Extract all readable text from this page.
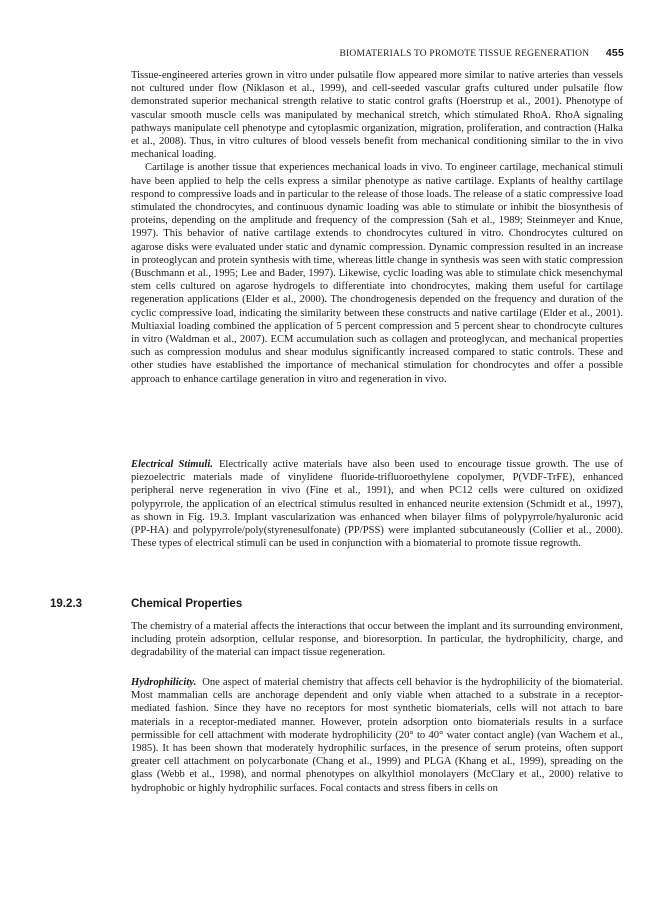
BIOMATERIALS TO PROMOTE TISSUE REGENERATION 455

Tissue-engineered arteries grown in vitro under pulsatile flow appeared more similar to native arteries than vessels not cultured under flow (Niklason et al., 1999), and cell-seeded vascular grafts cultured under pulsatile flow demonstrated superior mechanical strength relative to static control grafts (Hoerstrup et al., 2001). Phenotype of vascular smooth muscle cells was manipulated by mechanical stretch, which stimulated RhoA. RhoA signaling pathways manipulate cell phenotype and cytoplasmic organization, migration, proliferation, and contraction (Halka et al., 2008). Thus, in vitro cultures of blood vessels benefit from mechanical conditioning similar to the in vivo mechanical loading.

Cartilage is another tissue that experiences mechanical loads in vivo. To engineer cartilage, mechanical stimuli have been applied to help the cells express a similar phenotype as native cartilage. Explants of healthy cartilage respond to compressive loads and in particular to the release of those loads. The release of a static compressive load stimulated the chondrocytes, and continuous dynamic loading was able to stimulate or inhibit the biosynthesis of proteins, depending on the amplitude and frequency of the compression (Sah et al., 1989; Steinmeyer and Knue, 1997). This behavior of native cartilage extends to chondrocytes cultured in vitro. Chondrocytes cultured on agarose disks were evaluated under static and dynamic compression. Dynamic compression resulted in an increase in proteoglycan and protein synthesis with time, whereas little change in synthesis was seen with static compression (Buschmann et al., 1995; Lee and Bader, 1997). Likewise, cyclic loading was able to stimulate chick mesenchymal stem cells cultured on agarose hydrogels to differentiate into chondrocytes, making them useful for cartilage regeneration applications (Elder et al., 2000). The chondrogenesis depended on the frequency and duration of the cyclic compressive load, indicating the similarity between these constructs and native cartilage (Elder et al., 2001). Multiaxial loading combined the application of 5 percent compression and 5 percent shear to chondrocyte cultures in vitro (Waldman et al., 2007). ECM accumulation such as collagen and proteoglycan, and mechanical properties such as compression modulus and shear modulus significantly increased compared to static controls. These and other studies have established the importance of mechanical stimulation for chondrocytes and offer a possible approach to enhance cartilage generation in vitro and regeneration in vivo.

Electrical Stimuli. Electrically active materials have also been used to encourage tissue growth. The use of piezoelectric materials made of vinylidene fluoride-trifluoroethylene copolymer, P(VDF-TrFE), enhanced peripheral nerve regeneration in vivo (Fine et al., 1991), and when PC12 cells were cultured on oxidized polypyrrole, the application of an electrical stimulus resulted in enhanced neurite extension (Schmidt et al., 1997), as shown in Fig. 19.3. Implant vascularization was enhanced when bilayer films of polypyrrole/hyaluronic acid (PP-HA) and polypyrrole/poly(styrenesulfonate) (PP/PSS) were implanted subcutaneously (Collier et al., 2000). These types of electrical stimuli can be used in conjunction with a biomaterial to promote tissue regrowth.

19.2.3	Chemical Properties

The chemistry of a material affects the interactions that occur between the implant and its surrounding environment, including protein adsorption, cellular response, and bioresorption. In particular, the hydrophilicity, charge, and degradability of the material can impact tissue regeneration.

Hydrophilicity. One aspect of material chemistry that affects cell behavior is the hydrophilicity of the biomaterial. Most mammalian cells are anchorage dependent and only viable when attached to a substrate in a receptor-mediated fashion. Since they have no receptors for most synthetic biomaterials, cells will not attach to bare materials in a receptor-mediated manner. However, protein adsorption onto biomaterials results in a surface permissible for cell attachment with moderate hydrophilicity (20° to 40° water contact angle) (van Wachem et al., 1985). It has been shown that moderately hydrophilic surfaces, in the presence of serum proteins, often support greater cell attachment on polycarbonate (Chang et al., 1999) and PLGA (Khang et al., 1999), spreading on the glass (Webb et al., 1998), and normal phenotypes on alkylthiol monolayers (McClary et al., 2000) relative to hydrophobic or highly hydrophilic surfaces. Focal contacts and stress fibers in cells on
